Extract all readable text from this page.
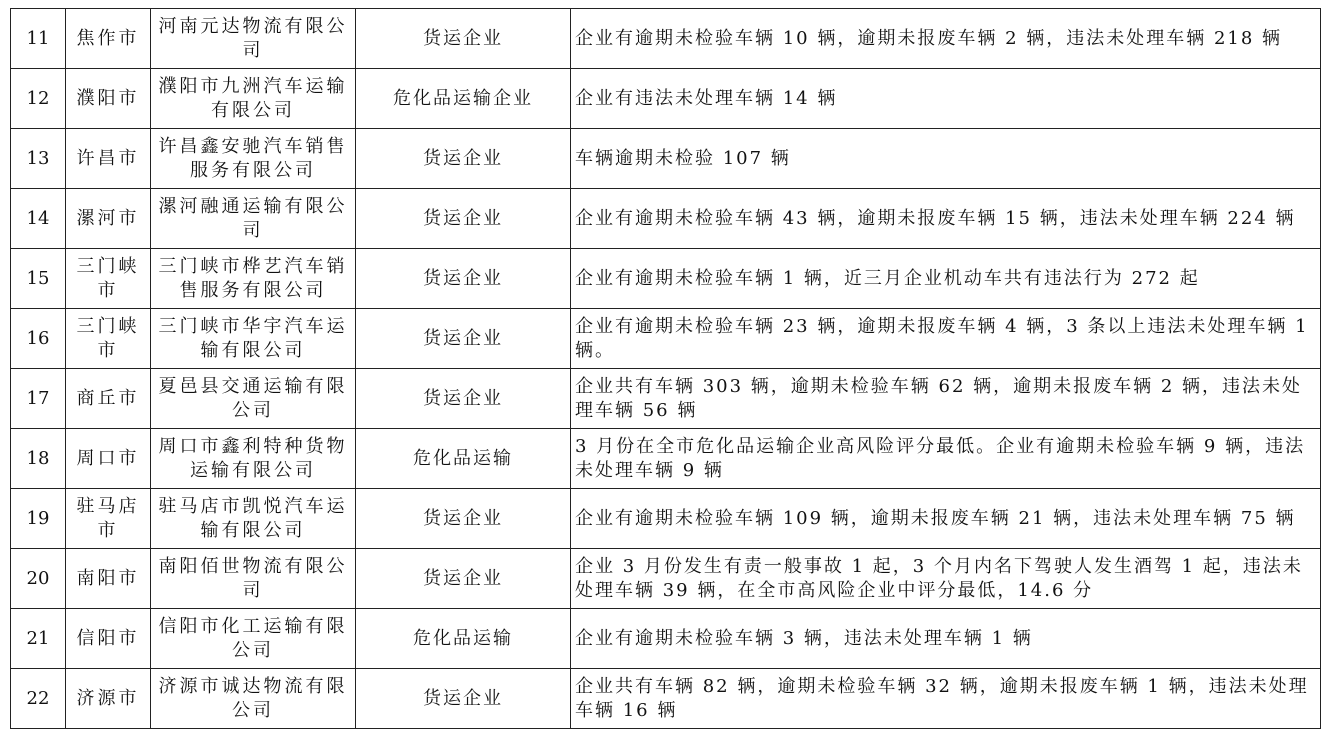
11	焦作市	河南元达物流有限公司	货运企业	企业有逾期未检验车辆 10 辆，逾期未报废车辆 2 辆，违法未处理车辆 218 辆
12	濮阳市	濮阳市九洲汽车运输有限公司	危化品运输企业	企业有违法未处理车辆 14 辆
13	许昌市	许昌鑫安驰汽车销售服务有限公司	货运企业	车辆逾期未检验 107 辆
14	漯河市	漯河融通运输有限公司	货运企业	企业有逾期未检验车辆 43 辆，逾期未报废车辆 15 辆，违法未处理车辆 224 辆
15	三门峡市	三门峡市桦艺汽车销售服务有限公司	货运企业	企业有逾期未检验车辆 1 辆，近三月企业机动车共有违法行为 272 起
16	三门峡市	三门峡市华宇汽车运输有限公司	货运企业	企业有逾期未检验车辆 23 辆，逾期未报废车辆 4 辆，3 条以上违法未处理车辆 1 辆。
17	商丘市	夏邑县交通运输有限公司	货运企业	企业共有车辆 303 辆，逾期未检验车辆 62 辆，逾期未报废车辆 2 辆，违法未处理车辆 56 辆
18	周口市	周口市鑫利特种货物运输有限公司	危化品运输	3 月份在全市危化品运输企业高风险评分最低。企业有逾期未检验车辆 9 辆，违法未处理车辆 9 辆
19	驻马店市	驻马店市凯悦汽车运输有限公司	货运企业	企业有逾期未检验车辆 109 辆，逾期未报废车辆 21 辆，违法未处理车辆 75 辆
20	南阳市	南阳佰世物流有限公司	货运企业	企业 3 月份发生有责一般事故 1 起，3 个月内名下驾驶人发生酒驾 1 起，违法未处理车辆 39 辆，在全市高风险企业中评分最低，14.6 分
21	信阳市	信阳市化工运输有限公司	危化品运输	企业有逾期未检验车辆 3 辆，违法未处理车辆 1 辆
22	济源市	济源市诚达物流有限公司	货运企业	企业共有车辆 82 辆，逾期未检验车辆 32 辆，逾期未报废车辆 1 辆，违法未处理车辆 16 辆
